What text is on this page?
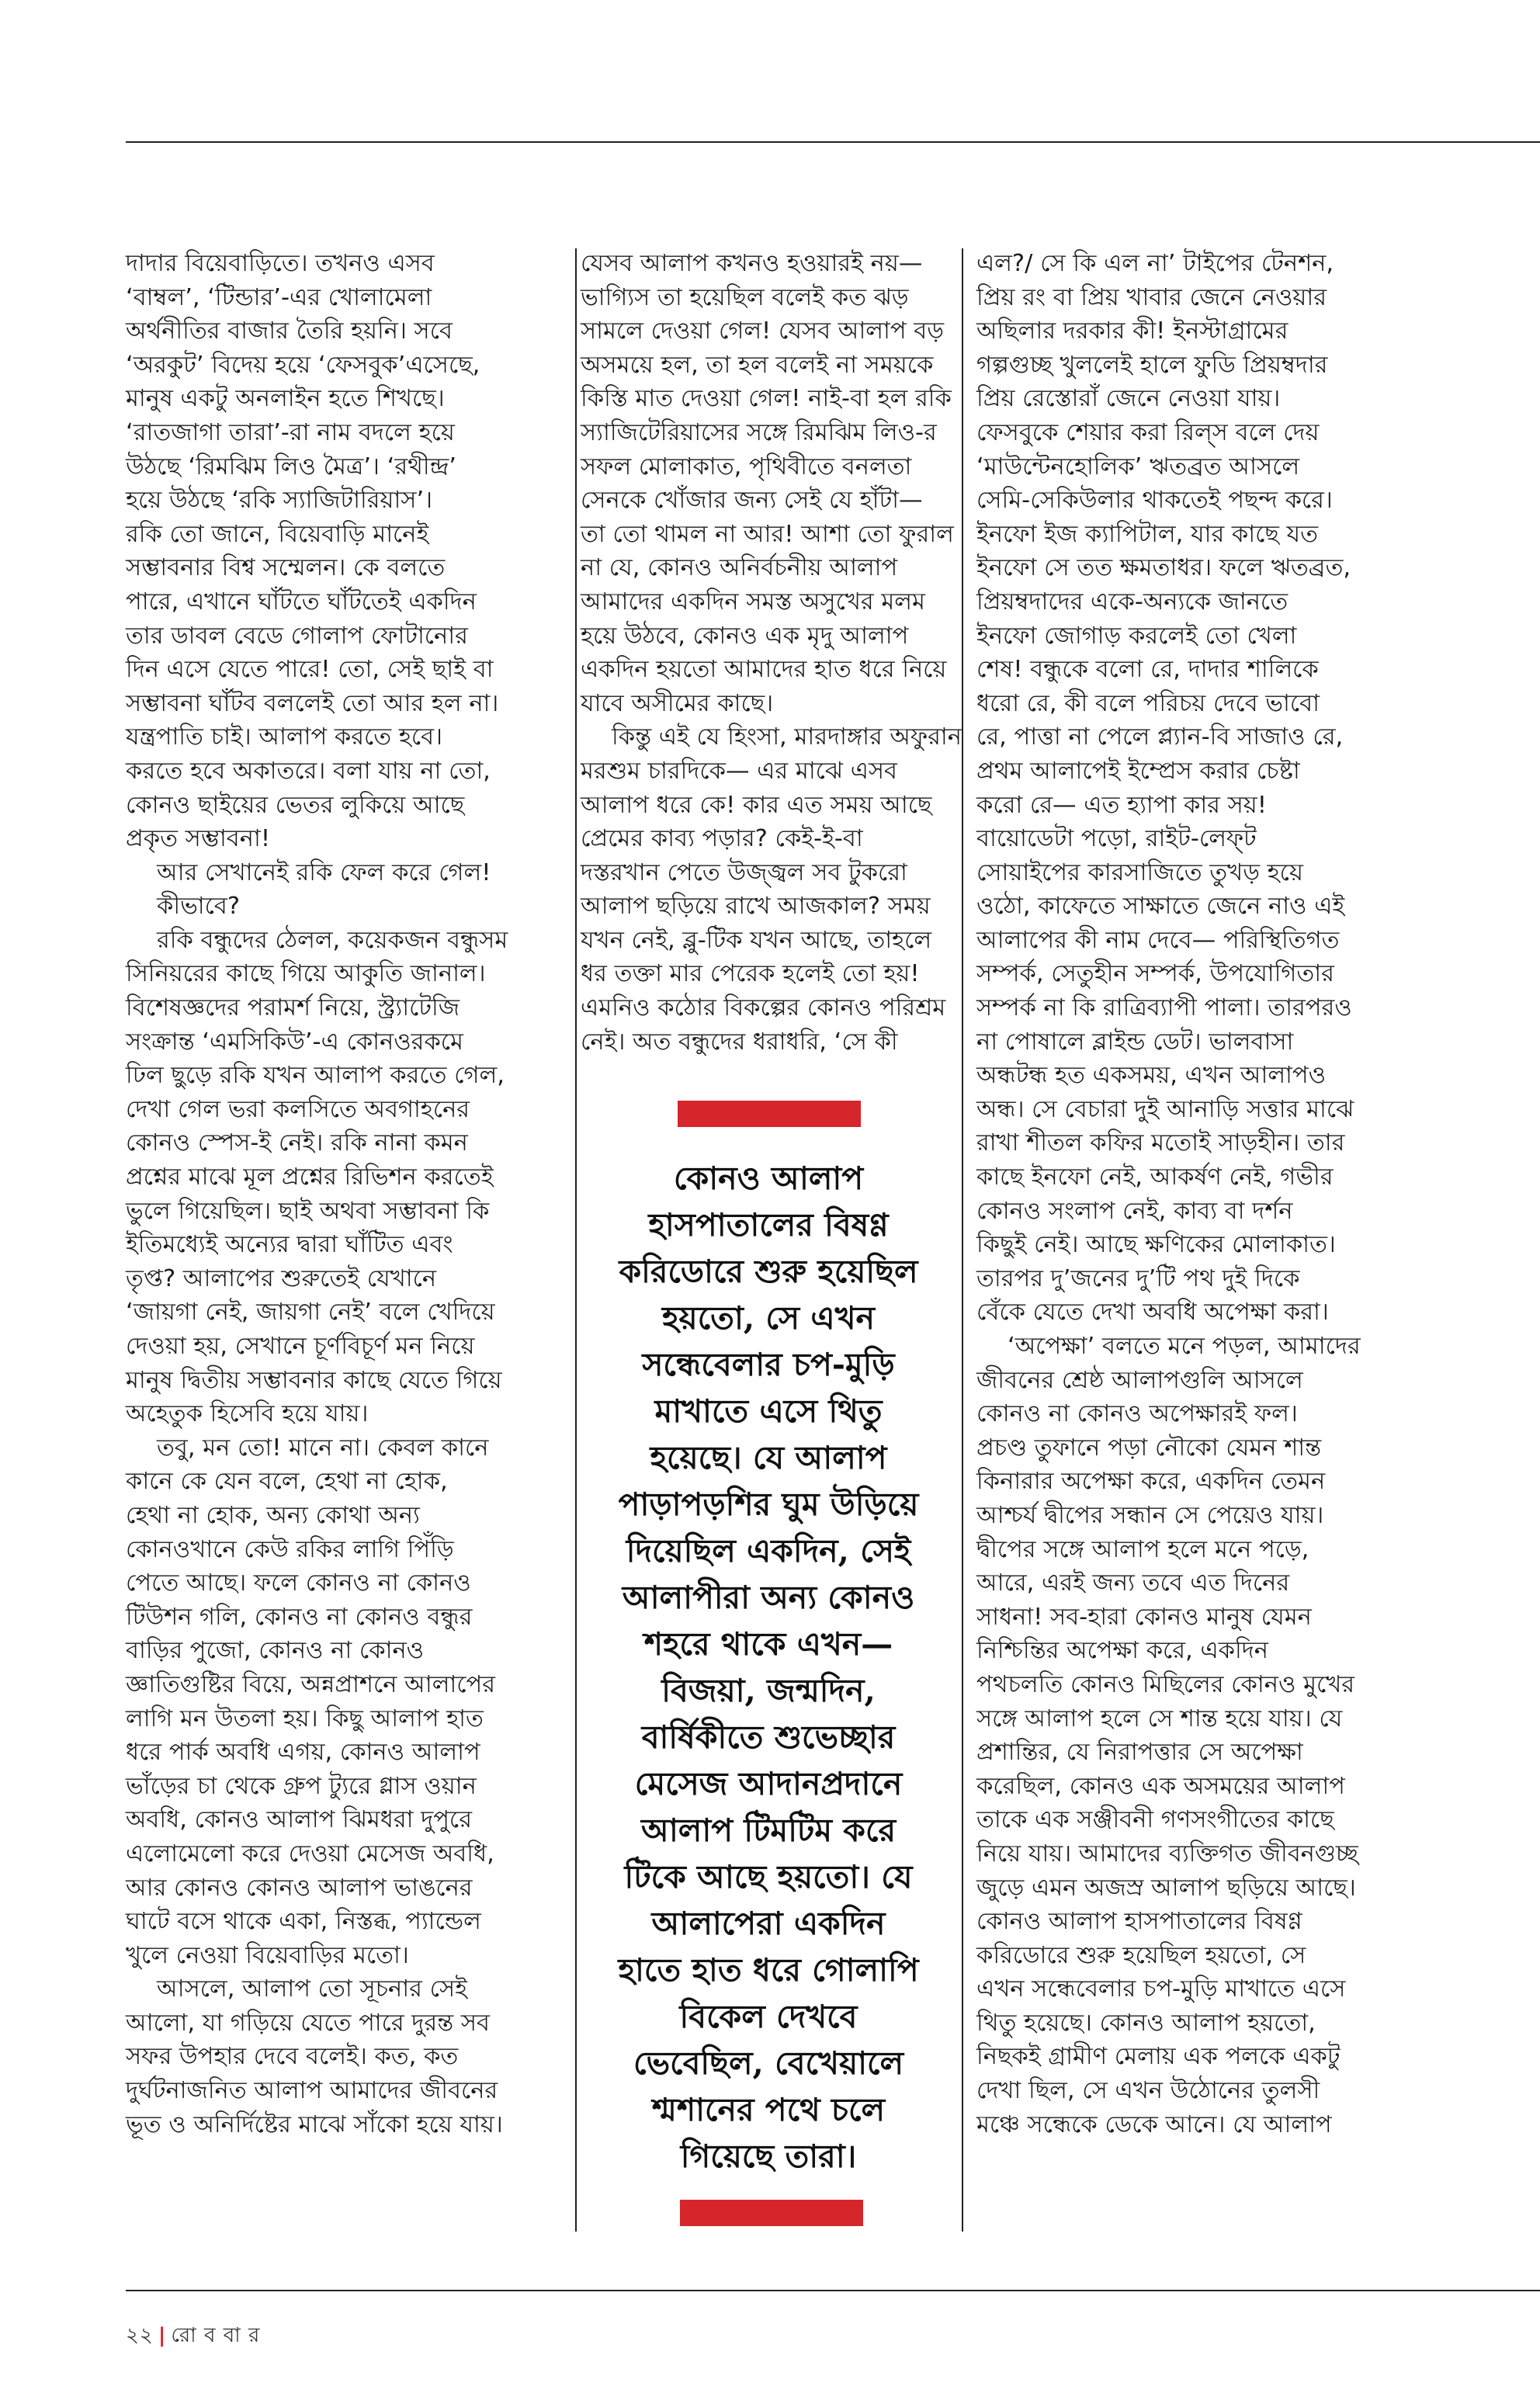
দাদার বিয়েবাড়িতে। তখনও এসব
‘বাম্বল’, ‘টিন্ডার’-এর খোলামেলা
অর্থনীতির বাজার তৈরি হয়নি। সবে
‘অরকুট’ বিদেয় হয়ে ‘ফেসবুক’এসেছে,
মানুষ একটু অনলাইন হতে শিখছে।
‘রাতজাগা তারা’-রা নাম বদলে হয়ে
উঠছে ‘রিমঝিম লিও মৈত্র’। ‘রথীন্দ্র’
হয়ে উঠছে ‘রকি স্যাজিটারিয়াস’।
রকি তো জানে, বিয়েবাড়ি মানেই
সম্ভাবনার বিশ্ব সম্মেলন। কে বলতে
পারে, এখানে ঘাঁটতে ঘাঁটতেই একদিন
তার ডাবল বেডে গোলাপ ফোটানোর
দিন এসে যেতে পারে! তো, সেই ছাই বা
সম্ভাবনা ঘাঁটব বললেই তো আর হল না।
যন্ত্রপাতি চাই। আলাপ করতে হবে।
করতে হবে অকাতরে। বলা যায় না তো,
কোনও ছাইয়ের ভেতর লুকিয়ে আছে
প্রকৃত সম্ভাবনা!
আর সেখানেই রকি ফেল করে গেল!
কীভাবে?
রকি বন্ধুদের ঠেলল, কয়েকজন বন্ধুসম
সিনিয়রের কাছে গিয়ে আকুতি জানাল।
বিশেষজ্ঞদের পরামর্শ নিয়ে, স্ট্র্যাটেজি
সংক্রান্ত ‘এমসিকিউ’-এ কোনওরকমে
ঢিল ছুড়ে রকি যখন আলাপ করতে গেল,
দেখা গেল ভরা কলসিতে অবগাহনের
কোনও স্পেস-ই নেই। রকি নানা কমন
প্রশ্নের মাঝে মূল প্রশ্নের রিভিশন করতেই
ভুলে গিয়েছিল। ছাই অথবা সম্ভাবনা কি
ইতিমধ্যেই অন্যের দ্বারা ঘাঁটিত এবং
তৃপ্ত? আলাপের শুরুতেই যেখানে
‘জায়গা নেই, জায়গা নেই’ বলে খেদিয়ে
দেওয়া হয়, সেখানে চূর্ণবিচূর্ণ মন নিয়ে
মানুষ দ্বিতীয় সম্ভাবনার কাছে যেতে গিয়ে
অহেতুক হিসেবি হয়ে যায়।
তবু, মন তো! মানে না। কেবল কানে
কানে কে যেন বলে, হেথা না হোক,
হেথা না হোক, অন্য কোথা অন্য
কোনওখানে কেউ রকির লাগি পিঁড়ি
পেতে আছে। ফলে কোনও না কোনও
টিউশন গলি, কোনও না কোনও বন্ধুর
বাড়ির পুজো, কোনও না কোনও
জ্ঞাতিগুষ্টির বিয়ে, অন্নপ্রাশনে আলাপের
লাগি মন উতলা হয়। কিছু আলাপ হাত
ধরে পার্ক অবধি এগয়, কোনও আলাপ
ভাঁড়ের চা থেকে গ্রুপ ট্যুরে গ্লাস ওয়ান
অবধি, কোনও আলাপ ঝিমধরা দুপুরে
এলোমেলো করে দেওয়া মেসেজ অবধি,
আর কোনও কোনও আলাপ ভাঙনের
ঘাটে বসে থাকে একা, নিস্তব্ধ, প্যান্ডেল
খুলে নেওয়া বিয়েবাড়ির মতো।
আসলে, আলাপ তো সূচনার সেই
আলো, যা গড়িয়ে যেতে পারে দুরন্ত সব
সফর উপহার দেবে বলেই। কত, কত
দুর্ঘটনাজনিত আলাপ আমাদের জীবনের
ভূত ও অনির্দিষ্টের মাঝে সাঁকো হয়ে যায়।
যেসব আলাপ কখনও হওয়ারই নয়—
ভাগ্যিস তা হয়েছিল বলেই কত ঝড়
সামলে দেওয়া গেল! যেসব আলাপ বড়
অসময়ে হল, তা হল বলেই না সময়কে
কিস্তি মাত দেওয়া গেল! নাই-বা হল রকি
স্যাজিটেরিয়াসের সঙ্গে রিমঝিম লিও-র
সফল মোলাকাত, পৃথিবীতে বনলতা
সেনকে খোঁজার জন্য সেই যে হাঁটা—
তা তো থামল না আর! আশা তো ফুরাল
না যে, কোনও অনির্বচনীয় আলাপ
আমাদের একদিন সমস্ত অসুখের মলম
হয়ে উঠবে, কোনও এক মৃদু আলাপ
একদিন হয়তো আমাদের হাত ধরে নিয়ে
যাবে অসীমের কাছে।
কিন্তু এই যে হিংসা, মারদাঙ্গার অফুরান
মরশুম চারদিকে— এর মাঝে এসব
আলাপ ধরে কে! কার এত সময় আছে
প্রেমের কাব্য পড়ার? কেই-ই-বা
দস্তরখান পেতে উজ্জ্বল সব টুকরো
আলাপ ছড়িয়ে রাখে আজকাল? সময়
যখন নেই, ব্লু-টিক যখন আছে, তাহলে
ধর তক্তা মার পেরেক হলেই তো হয়!
এমনিও কঠোর বিকল্পের কোনও পরিশ্রম
নেই। অত বন্ধুদের ধরাধরি, ‘সে কী
এল?/ সে কি এল না’ টাইপের টেনশন,
প্রিয় রং বা প্রিয় খাবার জেনে নেওয়ার
অছিলার দরকার কী! ইনস্টাগ্রামের
গল্পগুচ্ছ খুললেই হালে ফুডি প্রিয়ম্বদার
প্রিয় রেস্তোরাঁ জেনে নেওয়া যায়।
ফেসবুকে শেয়ার করা রিল্‌স বলে দেয়
‘মাউন্টেনহোলিক’ ঋতব্রত আসলে
সেমি-সেকিউলার থাকতেই পছন্দ করে।
ইনফো ইজ ক্যাপিটাল, যার কাছে যত
ইনফো সে তত ক্ষমতাধর। ফলে ঋতব্রত,
প্রিয়ম্বদাদের একে-অন্যকে জানতে
ইনফো জোগাড় করলেই তো খেলা
শেষ! বন্ধুকে বলো রে, দাদার শালিকে
ধরো রে, কী বলে পরিচয় দেবে ভাবো
রে, পাত্তা না পেলে প্ল্যান-বি সাজাও রে,
প্রথম আলাপেই ইম্প্রেস করার চেষ্টা
করো রে— এত হ্যাপা কার সয়!
বায়োডেটা পড়ো, রাইট-লেফ্‌ট
সোয়াইপের কারসাজিতে তুখড় হয়ে
ওঠো, কাফেতে সাক্ষাতে জেনে নাও এই
আলাপের কী নাম দেবে— পরিস্থিতিগত
সম্পর্ক, সেতুহীন সম্পর্ক, উপযোগিতার
সম্পর্ক না কি রাত্রিব্যাপী পালা। তারপরও
না পোষালে ব্লাইন্ড ডেট। ভালবাসা
অন্ধটন্ধ হত একসময়, এখন আলাপও
অন্ধ। সে বেচারা দুই আনাড়ি সত্তার মাঝে
রাখা শীতল কফির মতোই সাড়হীন। তার
কাছে ইনফো নেই, আকর্ষণ নেই, গভীর
কোনও সংলাপ নেই, কাব্য বা দর্শন
কিছুই নেই। আছে ক্ষণিকের মোলাকাত।
তারপর দু’জনের দু’টি পথ দুই দিকে
বেঁকে যেতে দেখা অবধি অপেক্ষা করা।
‘অপেক্ষা’ বলতে মনে পড়ল, আমাদের
জীবনের শ্রেষ্ঠ আলাপগুলি আসলে
কোনও না কোনও অপেক্ষারই ফল।
প্রচণ্ড তুফানে পড়া নৌকো যেমন শান্ত
কিনারার অপেক্ষা করে, একদিন তেমন
আশ্চর্য দ্বীপের সন্ধান সে পেয়েও যায়।
দ্বীপের সঙ্গে আলাপ হলে মনে পড়ে,
আরে, এরই জন্য তবে এত দিনের
সাধনা! সব-হারা কোনও মানুষ যেমন
নিশ্চিন্তির অপেক্ষা করে, একদিন
পথচলতি কোনও মিছিলের কোনও মুখের
সঙ্গে আলাপ হলে সে শান্ত হয়ে যায়। যে
প্রশান্তির, যে নিরাপত্তার সে অপেক্ষা
করেছিল, কোনও এক অসময়ের আলাপ
তাকে এক সঞ্জীবনী গণসংগীতের কাছে
নিয়ে যায়। আমাদের ব্যক্তিগত জীবনগুচ্ছ
জুড়ে এমন অজস্র আলাপ ছড়িয়ে আছে।
কোনও আলাপ হাসপাতালের বিষণ্ণ
করিডোরে শুরু হয়েছিল হয়তো, সে
এখন সন্ধেবেলার চপ-মুড়ি মাখাতে এসে
থিতু হয়েছে। কোনও আলাপ হয়তো,
নিছকই গ্রামীণ মেলায় এক পলকে একটু
দেখা ছিল, সে এখন উঠোনের তুলসী
মঞ্চে সন্ধেকে ডেকে আনে। যে আলাপ
কোনও আলাপ
হাসপাতালের বিষণ্ণ
করিডোরে শুরু হয়েছিল
হয়তো, সে এখন
সন্ধেবেলার চপ-মুড়ি
মাখাতে এসে থিতু
হয়েছে। যে আলাপ
পাড়াপড়শির ঘুম উড়িয়ে
দিয়েছিল একদিন, সেই
আলাপীরা অন্য কোনও
শহরে থাকে এখন—
বিজয়া, জন্মদিন,
বার্ষিকীতে শুভেচ্ছার
মেসেজ আদানপ্রদানে
আলাপ টিমটিম করে
টিকে আছে হয়তো। যে
আলাপেরা একদিন
হাতে হাত ধরে গোলাপি
বিকেল দেখবে
ভেবেছিল, বেখেয়ালে
শ্মশানের পথে চলে
গিয়েছে তারা।
২২ | রো ব বা র
